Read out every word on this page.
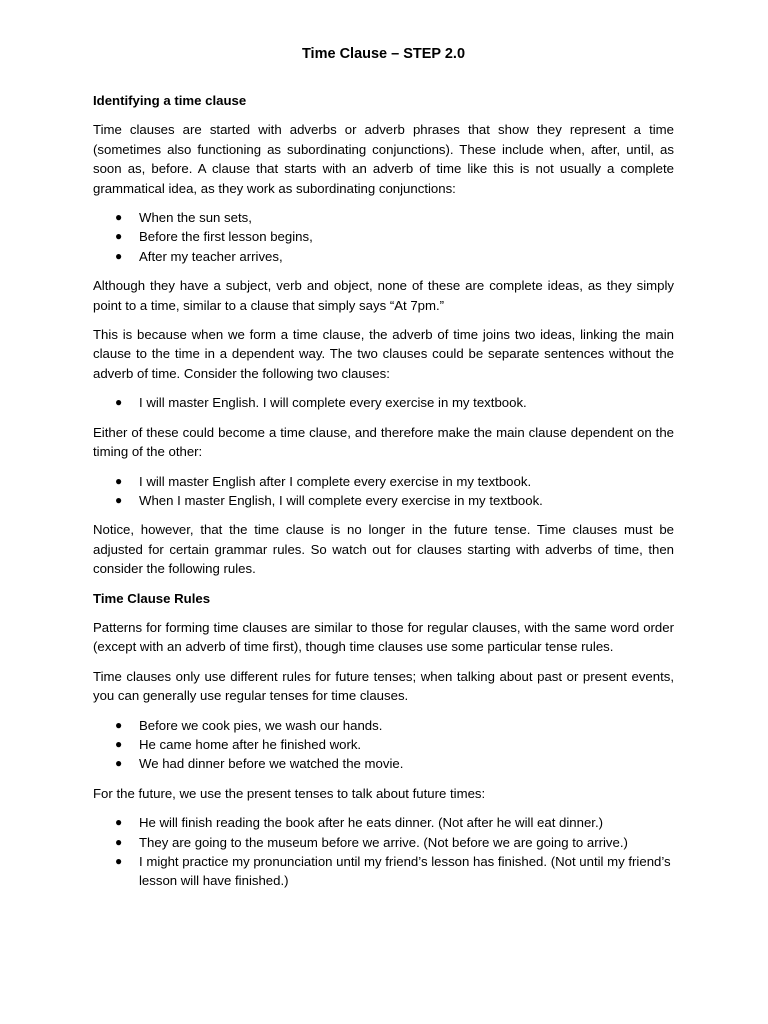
Time Clause – STEP 2.0
Identifying a time clause

Time clauses are started with adverbs or adverb phrases that show they represent a time (sometimes also functioning as subordinating conjunctions). These include when, after, until, as soon as, before. A clause that starts with an adverb of time like this is not usually a complete grammatical idea, as they work as subordinating conjunctions:

● When the sun sets,
● Before the first lesson begins,
● After my teacher arrives,

Although they have a subject, verb and object, none of these are complete ideas, as they simply point to a time, similar to a clause that simply says “At 7pm.”

This is because when we form a time clause, the adverb of time joins two ideas, linking the main clause to the time in a dependent way. The two clauses could be separate sentences without the adverb of time. Consider the following two clauses:

● I will master English. I will complete every exercise in my textbook.

Either of these could become a time clause, and therefore make the main clause dependent on the timing of the other:

● I will master English after I complete every exercise in my textbook.
● When I master English, I will complete every exercise in my textbook.

Notice, however, that the time clause is no longer in the future tense. Time clauses must be adjusted for certain grammar rules. So watch out for clauses starting with adverbs of time, then consider the following rules.

Time Clause Rules

Patterns for forming time clauses are similar to those for regular clauses, with the same word order (except with an adverb of time first), though time clauses use some particular tense rules.

Time clauses only use different rules for future tenses; when talking about past or present events, you can generally use regular tenses for time clauses.

● Before we cook pies, we wash our hands.
● He came home after he finished work.
● We had dinner before we watched the movie.

For the future, we use the present tenses to talk about future times:

● He will finish reading the book after he eats dinner. (Not after he will eat dinner.)
● They are going to the museum before we arrive. (Not before we are going to arrive.)
● I might practice my pronunciation until my friend’s lesson has finished. (Not until my friend’s lesson will have finished.)
